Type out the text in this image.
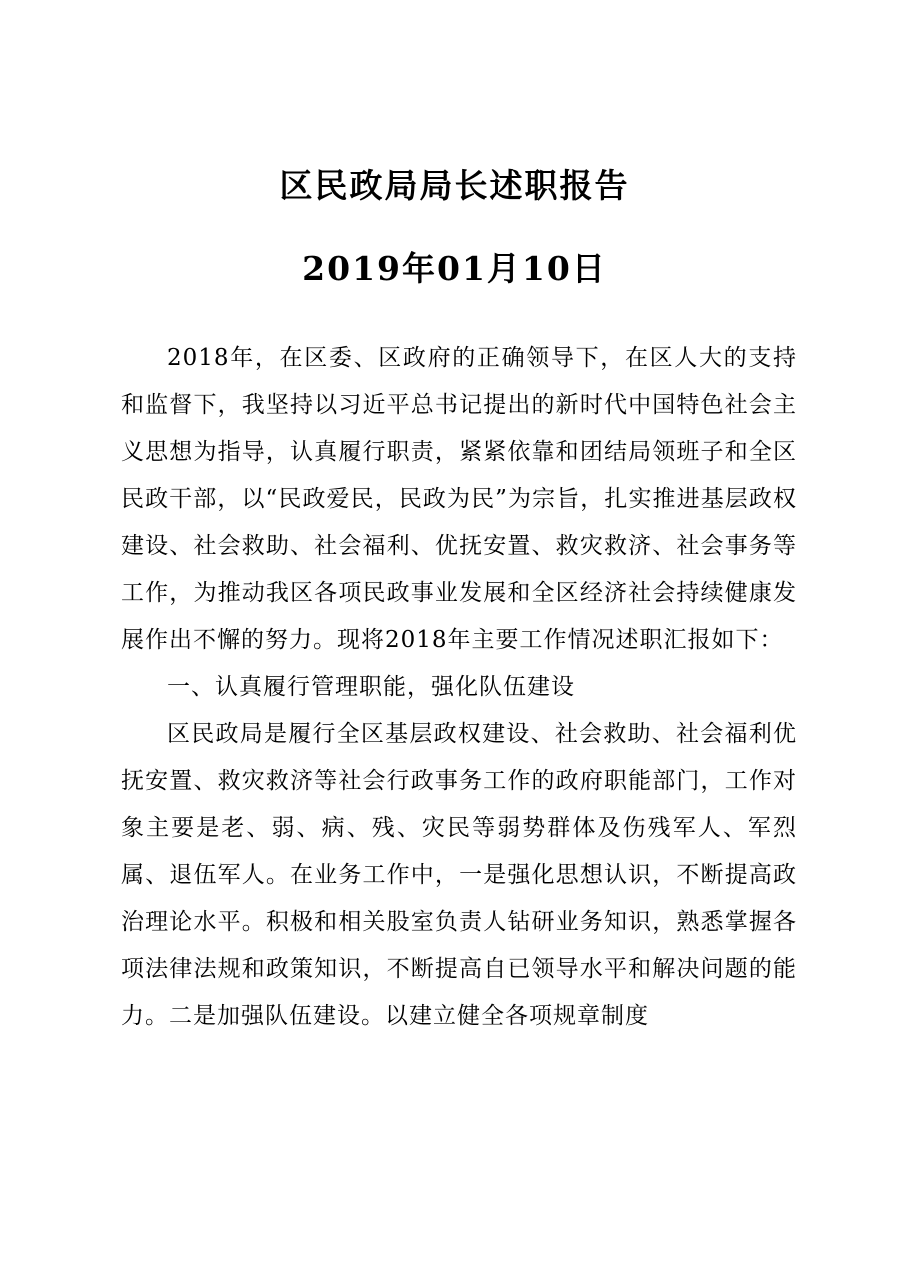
区民政局局长述职报告
2019年01月10日

2018年，在区委、区政府的正确领导下，在区人大的支持和监督下，我坚持以习近平总书记提出的新时代中国特色社会主义思想为指导，认真履行职责，紧紧依靠和团结局领班子和全区民政干部，以“民政爱民，民政为民”为宗旨，扎实推进基层政权建设、社会救助、社会福利、优抚安置、救灾救济、社会事务等工作，为推动我区各项民政事业发展和全区经济社会持续健康发展作出不懈的努力。现将2018年主要工作情况述职汇报如下：

一、认真履行管理职能，强化队伍建设

区民政局是履行全区基层政权建设、社会救助、社会福利优抚安置、救灾救济等社会行政事务工作的政府职能部门，工作对象主要是老、弱、病、残、灾民等弱势群体及伤残军人、军烈属、退伍军人。在业务工作中，一是强化思想认识，不断提高政治理论水平。积极和相关股室负责人钻研业务知识，熟悉掌握各项法律法规和政策知识，不断提高自已领导水平和解决问题的能力。二是加强队伍建设。以建立健全各项规章制度
